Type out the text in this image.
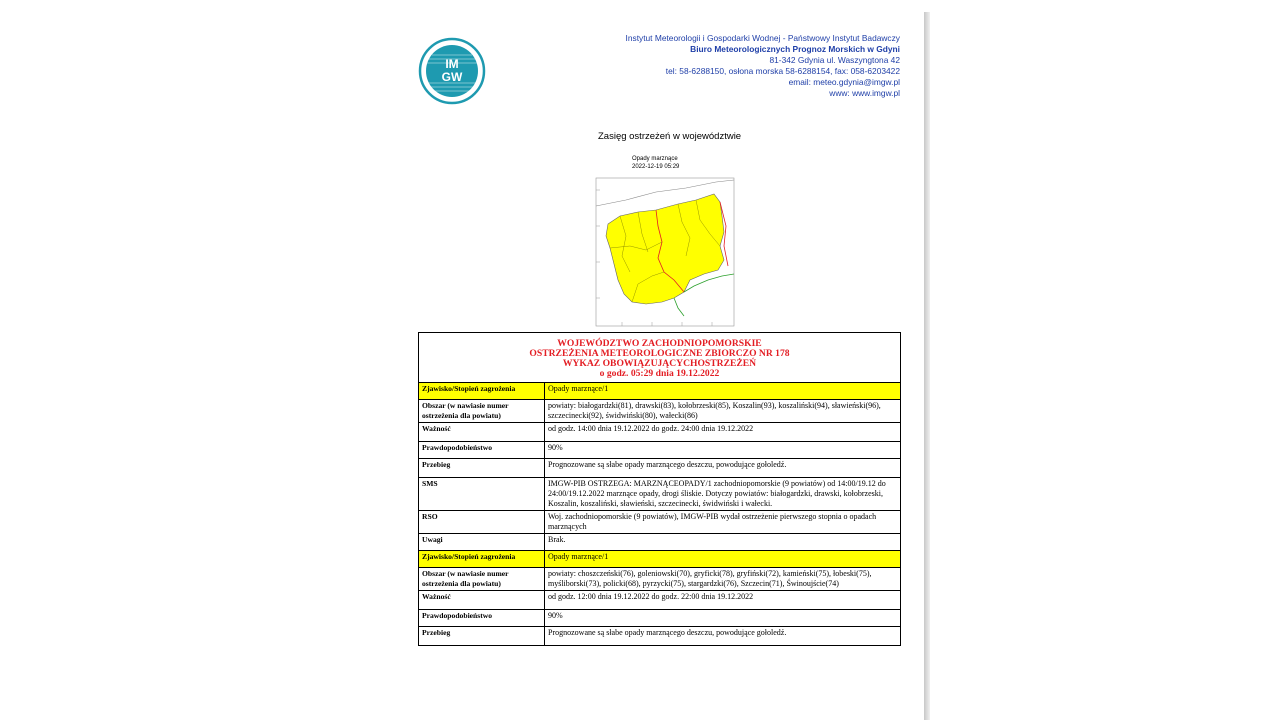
IM
GW
Instytut Meteorologii i Gospodarki Wodnej - Państwowy Instytut Badawczy
Biuro Meteorologicznych Prognoz Morskich w Gdyni
81-342 Gdynia ul. Waszyngtona 42
tel: 58-6288150, osłona morska 58-6288154, fax: 058-6203422
email: meteo.gdynia@imgw.pl
www: www.imgw.pl
Zasięg ostrzeżeń w województwie
Opady marznące
2022-12-19 05:29
WOJEWÓDZTWO ZACHODNIOPOMORSKIE
OSTRZEŻENIA METEOROLOGICZNE ZBIORCZO NR 178
WYKAZ OBOWIĄZUJĄCYCHOSTRZEŻEŃ
o godz. 05:29 dnia 19.12.2022	

Zjawisko/Stopień zagrożenia	Opady marznące/1
Obszar (w nawiasie numer ostrzeżenia dla powiatu)	powiaty: białogardzki(81), drawski(83), kołobrzeski(85), Koszalin(93), koszaliński(94), sławieński(96), szczecinecki(92), świdwiński(80), wałecki(86)
Ważność	od godz. 14:00 dnia 19.12.2022 do godz. 24:00 dnia 19.12.2022
Prawdopodobieństwo	90%
Przebieg	Prognozowane są słabe opady marznącego deszczu, powodujące gołoledź.
SMS	IMGW-PIB OSTRZEGA: MARZNĄCEOPADY/1 zachodniopomorskie (9 powiatów) od 14:00/19.12 do 24:00/19.12.2022 marznące opady, drogi śliskie. Dotyczy powiatów: białogardzki, drawski, kołobrzeski, Koszalin, koszaliński, sławieński, szczecinecki, świdwiński i wałecki.
RSO	Woj. zachodniopomorskie (9 powiatów), IMGW-PIB wydał ostrzeżenie pierwszego stopnia o opadach marznących
Uwagi	Brak.
Zjawisko/Stopień zagrożenia	Opady marznące/1
Obszar (w nawiasie numer ostrzeżenia dla powiatu)	powiaty: choszczeński(76), goleniowski(70), gryficki(78), gryfiński(72), kamieński(75), łobeski(75), myśliborski(73), policki(68), pyrzycki(75), stargardzki(76), Szczecin(71), Świnoujście(74)
Ważność	od godz. 12:00 dnia 19.12.2022 do godz. 22:00 dnia 19.12.2022
Prawdopodobieństwo	90%
Przebieg	Prognozowane są słabe opady marznącego deszczu, powodujące gołoledź.
